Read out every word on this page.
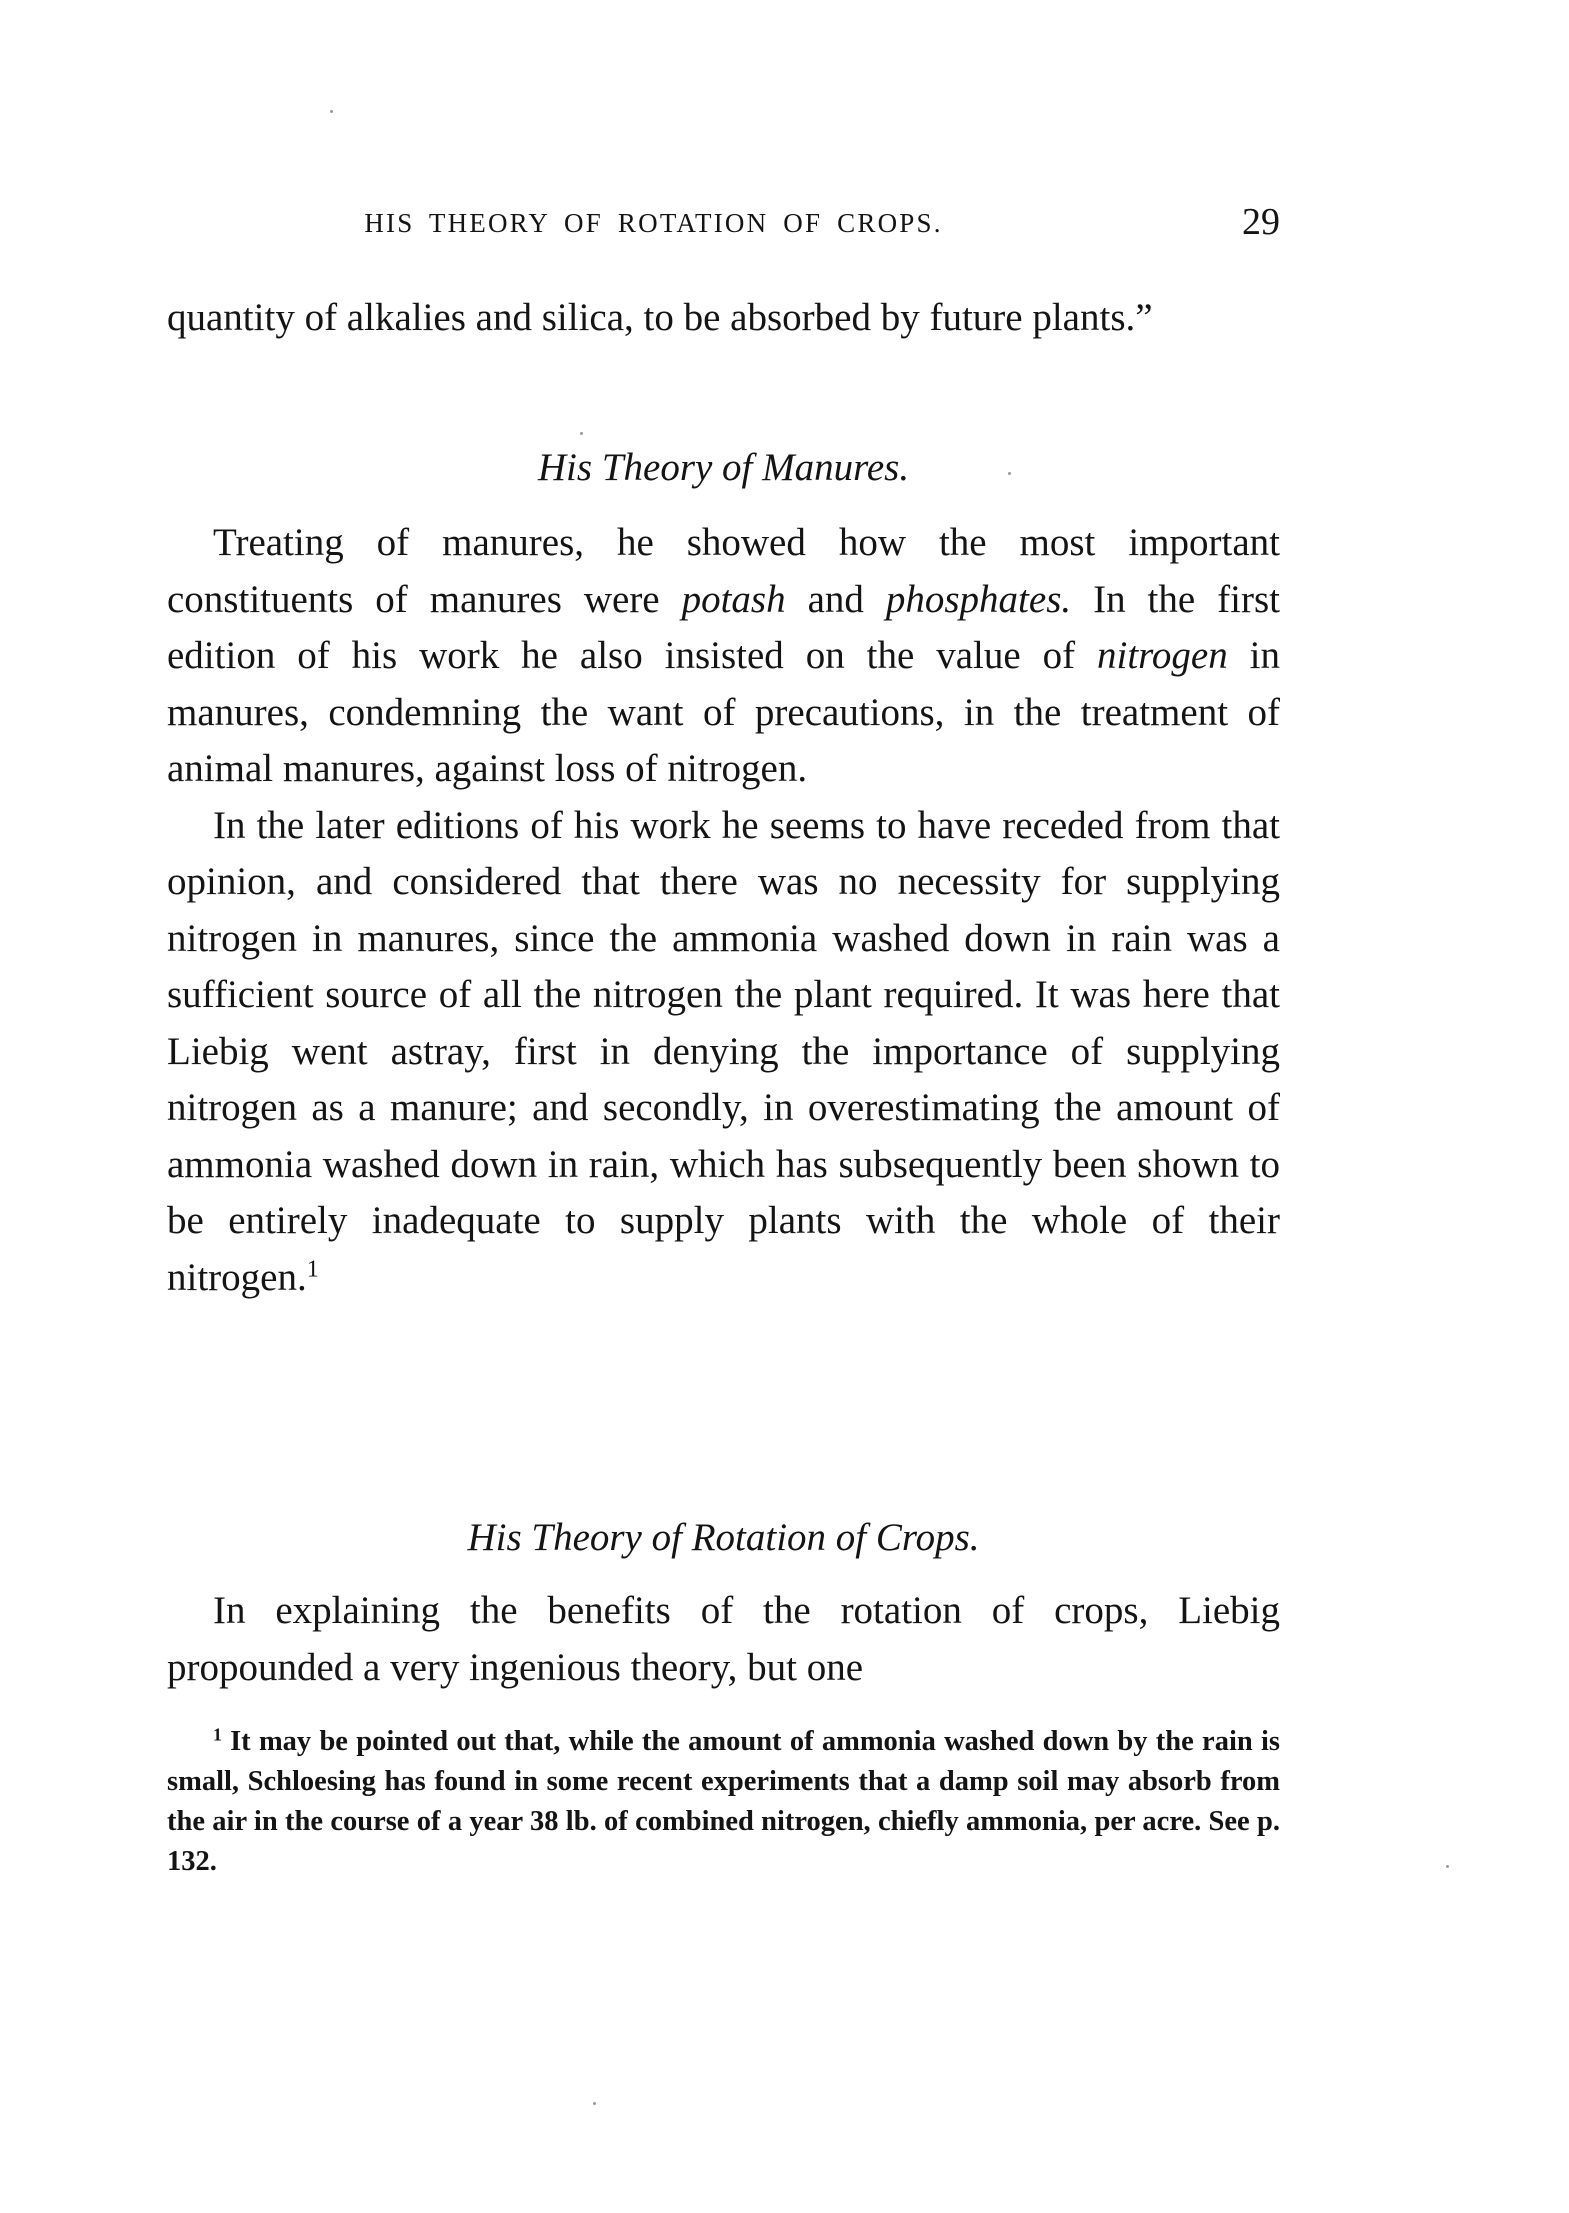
HIS THEORY OF ROTATION OF CROPS.	29

quantity of alkalies and silica, to be absorbed by future plants.”

His Theory of Manures.

Treating of manures, he showed how the most important constituents of manures were potash and phosphates. In the first edition of his work he also insisted on the value of nitrogen in manures, condemning the want of precautions, in the treatment of animal manures, against loss of nitrogen.

In the later editions of his work he seems to have receded from that opinion, and considered that there was no necessity for supplying nitrogen in manures, since the ammonia washed down in rain was a sufficient source of all the nitrogen the plant required. It was here that Liebig went astray, first in denying the importance of supplying nitrogen as a manure; and secondly, in overestimating the amount of ammonia washed down in rain, which has subsequently been shown to be entirely inadequate to supply plants with the whole of their nitrogen.$^1$

His Theory of Rotation of Crops.

In explaining the benefits of the rotation of crops, Liebig propounded a very ingenious theory, but one

$^1$ It may be pointed out that, while the amount of ammonia washed down by the rain is small, Schloesing has found in some recent experiments that a damp soil may absorb from the air in the course of a year 38 lb. of combined nitrogen, chiefly ammonia, per acre. See p. 132.
